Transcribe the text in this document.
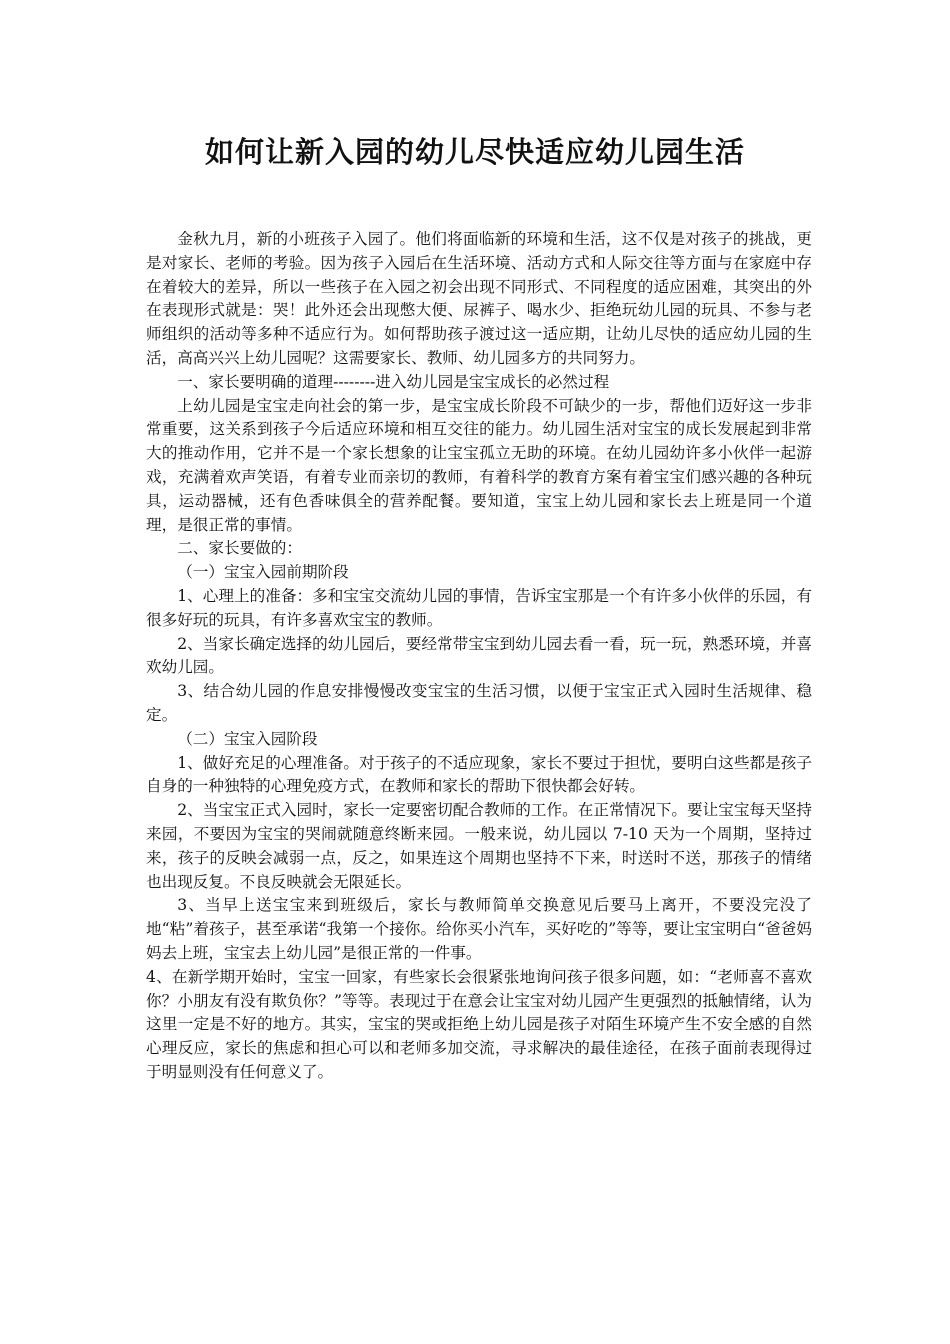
如何让新入园的幼儿尽快适应幼儿园生活

金秋九月，新的小班孩子入园了。他们将面临新的环境和生活，这不仅是对孩子的挑战，更是对家长、老师的考验。因为孩子入园后在生活环境、活动方式和人际交往等方面与在家庭中存在着较大的差异，所以一些孩子在入园之初会出现不同形式、不同程度的适应困难，其突出的外在表现形式就是：哭！此外还会出现憋大便、尿裤子、喝水少、拒绝玩幼儿园的玩具、不参与老师组织的活动等多种不适应行为。如何帮助孩子渡过这一适应期，让幼儿尽快的适应幼儿园的生活，高高兴兴上幼儿园呢？这需要家长、教师、幼儿园多方的共同努力。

一、家长要明确的道理--------进入幼儿园是宝宝成长的必然过程

上幼儿园是宝宝走向社会的第一步，是宝宝成长阶段不可缺少的一步，帮他们迈好这一步非常重要，这关系到孩子今后适应环境和相互交往的能力。幼儿园生活对宝宝的成长发展起到非常大的推动作用，它并不是一个家长想象的让宝宝孤立无助的环境。在幼儿园幼许多小伙伴一起游戏，充满着欢声笑语，有着专业而亲切的教师，有着科学的教育方案有着宝宝们感兴趣的各种玩具，运动器械，还有色香味俱全的营养配餐。要知道，宝宝上幼儿园和家长去上班是同一个道理，是很正常的事情。

二、家长要做的：

（一）宝宝入园前期阶段

1、心理上的准备：多和宝宝交流幼儿园的事情，告诉宝宝那是一个有许多小伙伴的乐园，有很多好玩的玩具，有许多喜欢宝宝的教师。

2、当家长确定选择的幼儿园后，要经常带宝宝到幼儿园去看一看，玩一玩，熟悉环境，并喜欢幼儿园。

3、结合幼儿园的作息安排慢慢改变宝宝的生活习惯，以便于宝宝正式入园时生活规律、稳定。

（二）宝宝入园阶段

1、做好充足的心理准备。对于孩子的不适应现象，家长不要过于担忧，要明白这些都是孩子自身的一种独特的心理免疫方式，在教师和家长的帮助下很快都会好转。

2、当宝宝正式入园时，家长一定要密切配合教师的工作。在正常情况下。要让宝宝每天坚持来园，不要因为宝宝的哭闹就随意终断来园。一般来说，幼儿园以 7-10 天为一个周期，坚持过来，孩子的反映会减弱一点，反之，如果连这个周期也坚持不下来，时送时不送，那孩子的情绪也出现反复。不良反映就会无限延长。

3、当早上送宝宝来到班级后，家长与教师简单交换意见后要马上离开，不要没完没了地“粘”着孩子，甚至承诺“我第一个接你。给你买小汽车，买好吃的”等等，要让宝宝明白“爸爸妈妈去上班，宝宝去上幼儿园”是很正常的一件事。

4、在新学期开始时，宝宝一回家，有些家长会很紧张地询问孩子很多问题，如：“老师喜不喜欢你？小朋友有没有欺负你？”等等。表现过于在意会让宝宝对幼儿园产生更强烈的抵触情绪，认为这里一定是不好的地方。其实，宝宝的哭或拒绝上幼儿园是孩子对陌生环境产生不安全感的自然心理反应，家长的焦虑和担心可以和老师多加交流，寻求解决的最佳途径，在孩子面前表现得过于明显则没有任何意义了。
